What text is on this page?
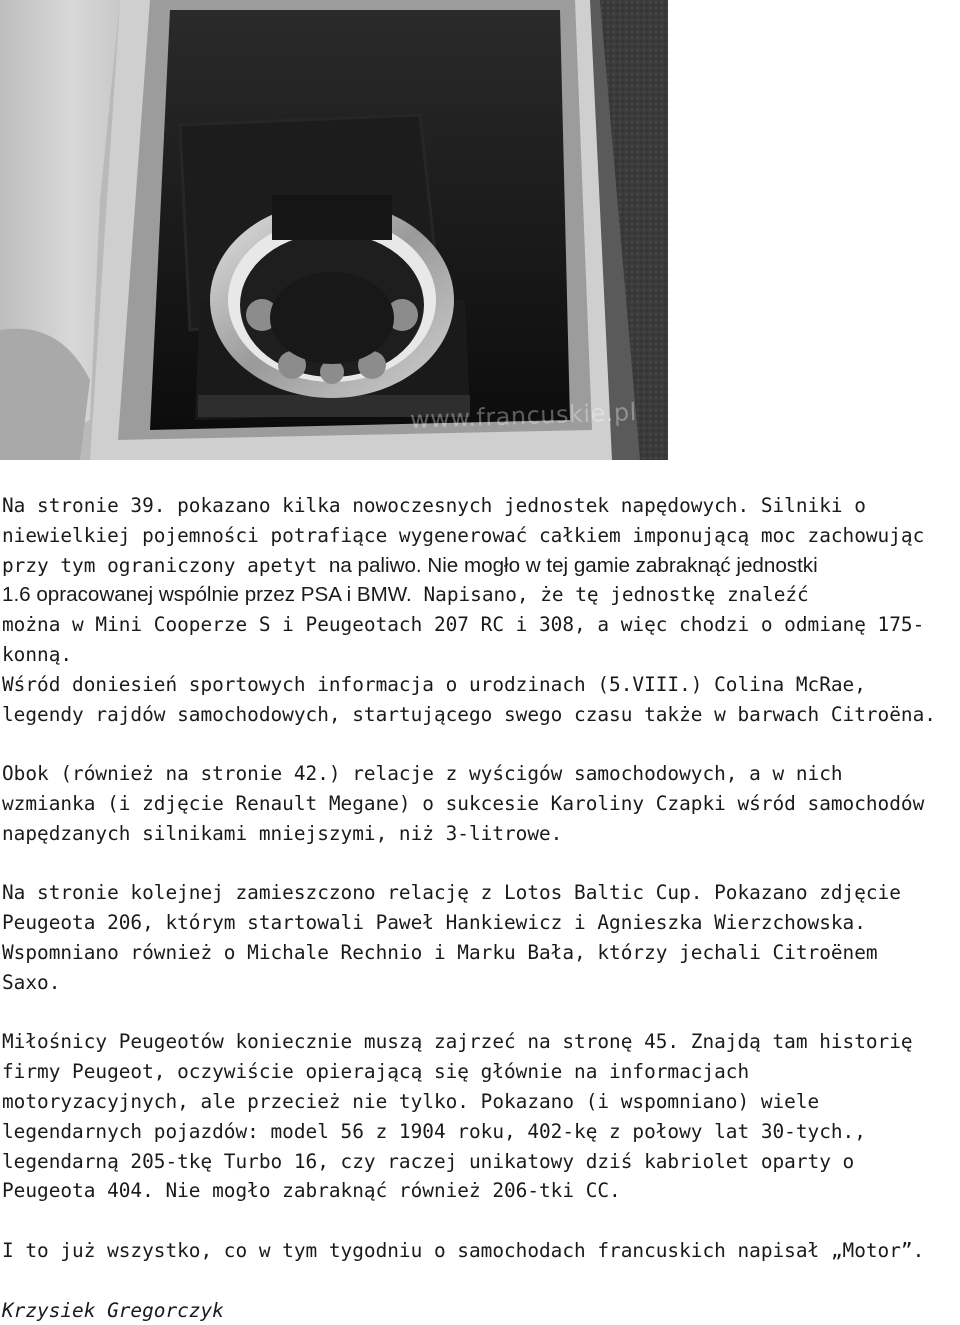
www.francuskie.pl

Na stronie 39. pokazano kilka nowoczesnych jednostek napędowych. Silniki o

niewielkiej pojemności potrafiące wygenerować całkiem imponującą moc zachowując

przy tym ograniczony apetyt na paliwo. Nie mogło w tej gamie zabraknąć jednostki

1.6 opracowanej wspólnie przez PSA i BMW. Napisano, że tę jednostkę znaleźć

można w Mini Cooperze S i Peugeotach 207 RC i 308, a więc chodzi o odmianę 175-

konną.

Wśród doniesień sportowych informacja o urodzinach (5.VIII.) Colina McRae,

legendy rajdów samochodowych, startującego swego czasu także w barwach Citroëna.

Obok (również na stronie 42.) relacje z wyścigów samochodowych, a w nich

wzmianka (i zdjęcie Renault Megane) o sukcesie Karoliny Czapki wśród samochodów

napędzanych silnikami mniejszymi, niż 3-litrowe.

Na stronie kolejnej zamieszczono relację z Lotos Baltic Cup. Pokazano zdjęcie

Peugeota 206, którym startowali Paweł Hankiewicz i Agnieszka Wierzchowska.

Wspomniano również o Michale Rechnio i Marku Bała, którzy jechali Citroënem

Saxo.

Miłośnicy Peugeotów koniecznie muszą zajrzeć na stronę 45. Znajdą tam historię

firmy Peugeot, oczywiście opierającą się głównie na informacjach

motoryzacyjnych, ale przecież nie tylko. Pokazano (i wspomniano) wiele

legendarnych pojazdów: model 56 z 1904 roku, 402-kę z połowy lat 30-tych.,

legendarną 205-tkę Turbo 16, czy raczej unikatowy dziś kabriolet oparty o

Peugeota 404. Nie mogło zabraknąć również 206-tki CC.

I to już wszystko, co w tym tygodniu o samochodach francuskich napisał „Motor”.

Krzysiek Gregorczyk
